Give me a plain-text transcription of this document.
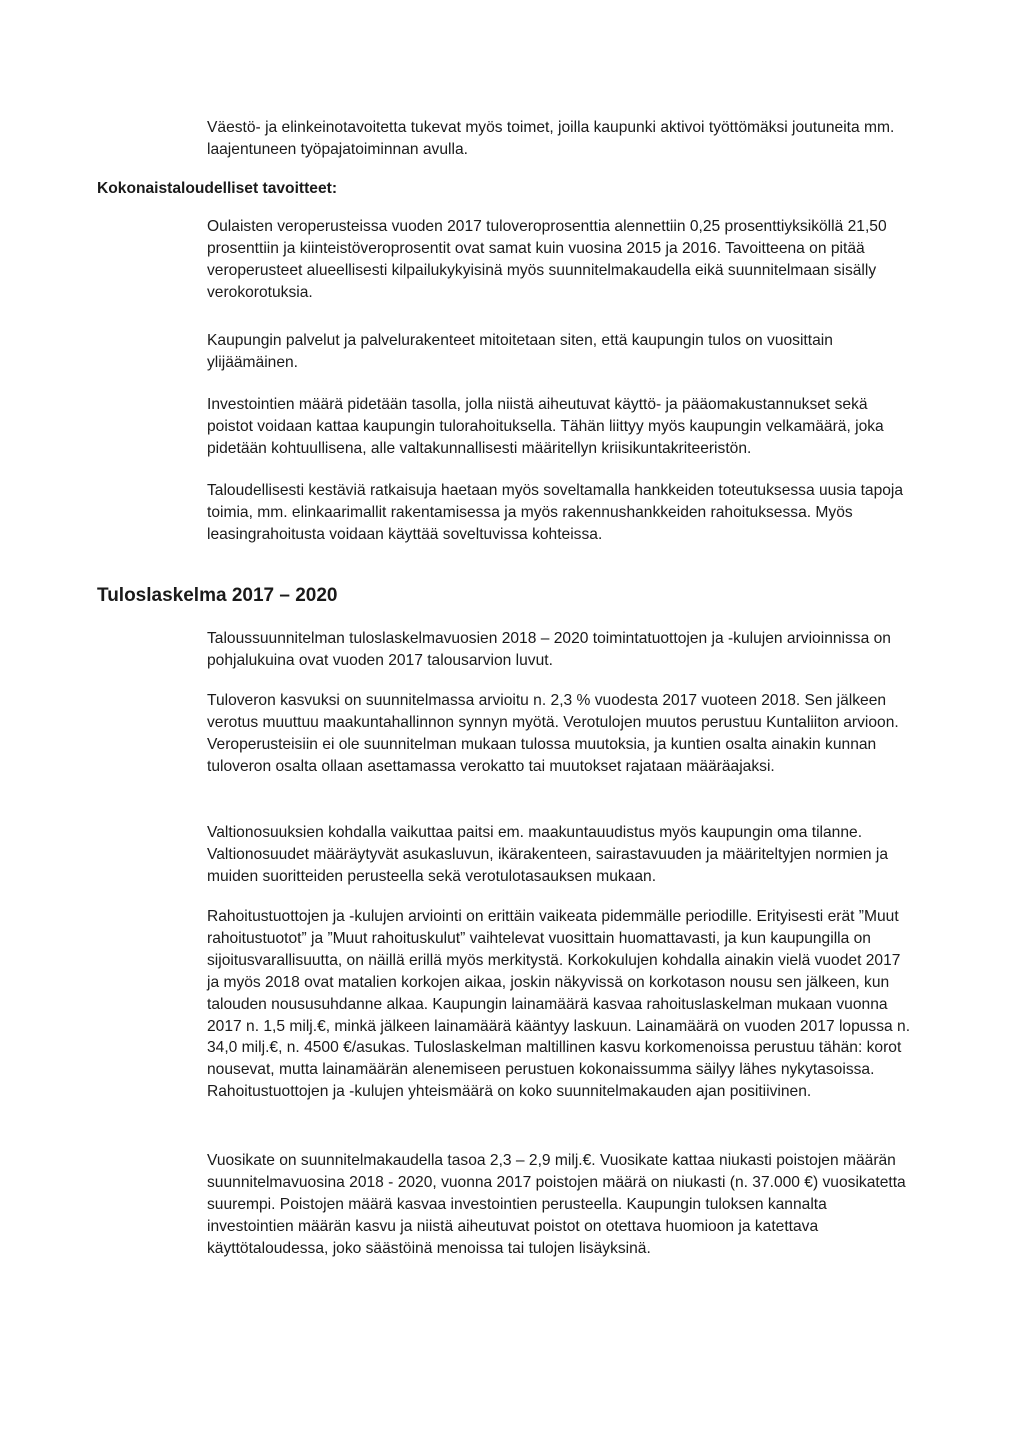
Väestö- ja elinkeinotavoitetta tukevat myös toimet, joilla kaupunki aktivoi työttömäksi joutuneita mm. laajentuneen työpajatoiminnan avulla.

Kokonaistaloudelliset tavoitteet:

Oulaisten veroperusteissa vuoden 2017 tuloveroprosenttia alennettiin 0,25 prosenttiyksiköllä 21,50 prosenttiin ja kiinteistöveroprosentit ovat samat kuin vuosina 2015 ja 2016. Tavoitteena on pitää veroperusteet alueellisesti kilpailukykyisinä myös suunnitelmakaudella eikä suunnitelmaan sisälly verokorotuksia.

Kaupungin palvelut ja palvelurakenteet mitoitetaan siten, että kaupungin tulos on vuosittain ylijäämäinen.

Investointien määrä pidetään tasolla, jolla niistä aiheutuvat käyttö- ja pääomakustannukset sekä poistot voidaan kattaa kaupungin tulorahoituksella. Tähän liittyy myös kaupungin velkamäärä, joka pidetään kohtuullisena, alle valtakunnallisesti määritellyn kriisikuntakriteeristön.

Taloudellisesti kestäviä ratkaisuja haetaan myös soveltamalla hankkeiden toteutuksessa uusia tapoja toimia, mm. elinkaarimallit rakentamisessa ja myös rakennushankkeiden rahoituksessa. Myös leasingrahoitusta voidaan käyttää soveltuvissa kohteissa.

Tuloslaskelma 2017 – 2020

Taloussuunnitelman tuloslaskelmavuosien 2018 – 2020 toimintatuottojen ja -kulujen arvioinnissa on pohjalukuina ovat vuoden 2017 talousarvion luvut.

Tuloveron kasvuksi on suunnitelmassa arvioitu n. 2,3 % vuodesta 2017 vuoteen 2018. Sen jälkeen verotus muuttuu maakuntahallinnon synnyn myötä. Verotulojen muutos perustuu Kuntaliiton arvioon. Veroperusteisiin ei ole suunnitelman mukaan tulossa muutoksia, ja kuntien osalta ainakin kunnan tuloveron osalta ollaan asettamassa verokatto tai muutokset rajataan määräajaksi.

Valtionosuuksien kohdalla vaikuttaa paitsi em. maakuntauudistus myös kaupungin oma tilanne. Valtionosuudet määräytyvät asukasluvun, ikärakenteen, sairastavuuden ja määriteltyjen normien ja muiden suoritteiden perusteella sekä verotulotasauksen mukaan.

Rahoitustuottojen ja -kulujen arviointi on erittäin vaikeata pidemmälle periodille. Erityisesti erät ”Muut rahoitustuotot” ja ”Muut rahoituskulut” vaihtelevat vuosittain huomattavasti, ja kun kaupungilla on sijoitusvarallisuutta, on näillä erillä myös merkitystä. Korkokulujen kohdalla ainakin vielä vuodet 2017 ja myös 2018 ovat matalien korkojen aikaa, joskin näkyvissä on korkotason nousu sen jälkeen, kun talouden noususuhdanne alkaa. Kaupungin lainamäärä kasvaa rahoituslaskelman mukaan vuonna 2017 n. 1,5 milj.€, minkä jälkeen lainamäärä kääntyy laskuun. Lainamäärä on vuoden 2017 lopussa n. 34,0 milj.€, n. 4500 €/asukas. Tuloslaskelman maltillinen kasvu korkomenoissa perustuu tähän: korot nousevat, mutta lainamäärän alenemiseen perustuen kokonaissumma säilyy lähes nykytasoissa. Rahoitustuottojen ja -kulujen yhteismäärä on koko suunnitelmakauden ajan positiivinen.

Vuosikate on suunnitelmakaudella tasoa 2,3 – 2,9 milj.€. Vuosikate kattaa niukasti poistojen määrän suunnitelmavuosina 2018 - 2020, vuonna 2017 poistojen määrä on niukasti (n. 37.000 €) vuosikatetta suurempi. Poistojen määrä kasvaa investointien perusteella. Kaupungin tuloksen kannalta investointien määrän kasvu ja niistä aiheutuvat poistot on otettava huomioon ja katettava käyttötaloudessa, joko säästöinä menoissa tai tulojen lisäyksinä.
